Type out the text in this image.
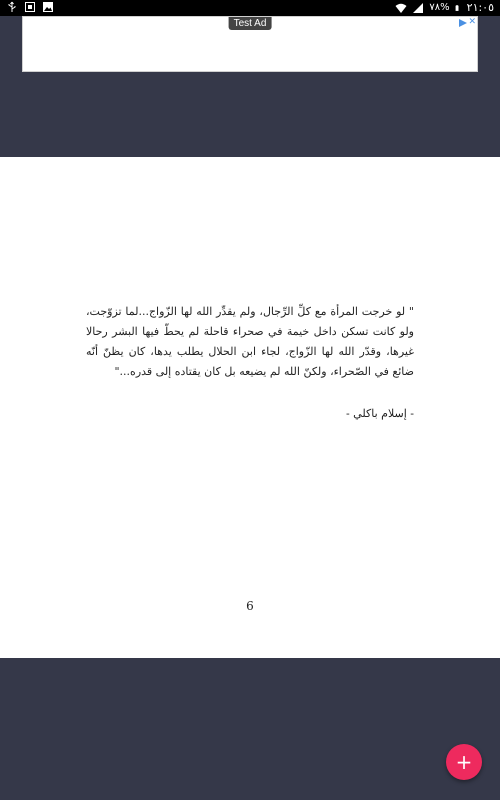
٧٨% ٢١:٠٥
Test Ad	✕
" لو خرجت المرأة مع كلِّ الرِّجال، ولم يقدِّر الله لها الزّواج...لما تزوّجت، ولو كانت تسكن داخل خيمة في صحراء قاحلة لم يحطّ فيها البشر رحالا غيرها، وقدّر الله لها الزّواج، لجاء ابن الحلال يطلب يدها، كان يظنّ أنّه ضائع في الصّحراء، ولكنّ الله لم يضيعه بل كان يقتاده إلى قدره..."
- إسلام باكلي -
6
+
